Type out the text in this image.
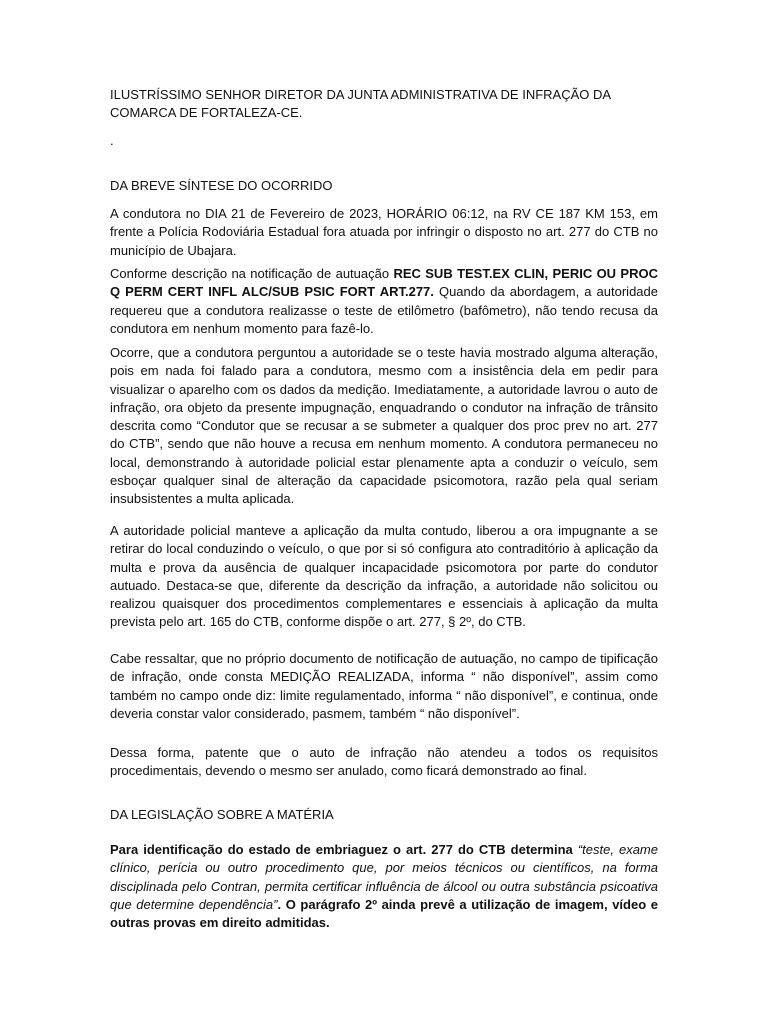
ILUSTRÍSSIMO SENHOR DIRETOR DA JUNTA ADMINISTRATIVA DE INFRAÇÃO DA COMARCA DE FORTALEZA-CE.

.

DA BREVE SÍNTESE DO OCORRIDO

A condutora no DIA 21 de Fevereiro de 2023, HORÁRIO 06:12, na RV CE 187 KM 153, em frente a Polícia Rodoviária Estadual fora atuada por infringir o disposto no art. 277 do CTB no município de Ubajara.

Conforme descrição na notificação de autuação REC SUB TEST.EX CLIN, PERIC OU PROC Q PERM CERT INFL ALC/SUB PSIC FORT ART.277. Quando da abordagem, a autoridade requereu que a condutora realizasse o teste de etilômetro (bafômetro), não tendo recusa da condutora em nenhum momento para fazê-lo.

Ocorre, que a condutora perguntou a autoridade se o teste havia mostrado alguma alteração, pois em nada foi falado para a condutora, mesmo com a insistência dela em pedir para visualizar o aparelho com os dados da medição. Imediatamente, a autoridade lavrou o auto de infração, ora objeto da presente impugnação, enquadrando o condutor na infração de trânsito descrita como “Condutor que se recusar a se submeter a qualquer dos proc prev no art. 277 do CTB”, sendo que não houve a recusa em nenhum momento. A condutora permaneceu no local, demonstrando à autoridade policial estar plenamente apta a conduzir o veículo, sem esboçar qualquer sinal de alteração da capacidade psicomotora, razão pela qual seriam insubsistentes a multa aplicada.

A autoridade policial manteve a aplicação da multa contudo, liberou a ora impugnante a se retirar do local conduzindo o veículo, o que por si só configura ato contraditório à aplicação da multa e prova da ausência de qualquer incapacidade psicomotora por parte do condutor autuado. Destaca-se que, diferente da descrição da infração, a autoridade não solicitou ou realizou quaisquer dos procedimentos complementares e essenciais à aplicação da multa prevista pelo art. 165 do CTB, conforme dispõe o art. 277, § 2º, do CTB.

Cabe ressaltar, que no próprio documento de notificação de autuação, no campo de tipificação de infração, onde consta MEDIÇÃO REALIZADA, informa “ não disponível”, assim como também no campo onde diz: limite regulamentado, informa “ não disponível”, e continua, onde deveria constar valor considerado, pasmem, também “ não disponível”.

Dessa forma, patente que o auto de infração não atendeu a todos os requisitos procedimentais, devendo o mesmo ser anulado, como ficará demonstrado ao final.

DA LEGISLAÇÃO SOBRE A MATÉRIA

Para identificação do estado de embriaguez o art. 277 do CTB determina “teste, exame clínico, perícia ou outro procedimento que, por meios técnicos ou científicos, na forma disciplinada pelo Contran, permita certificar influência de álcool ou outra substância psicoativa que determine dependência”. O parágrafo 2º ainda prevê a utilização de imagem, vídeo e outras provas em direito admitidas.
